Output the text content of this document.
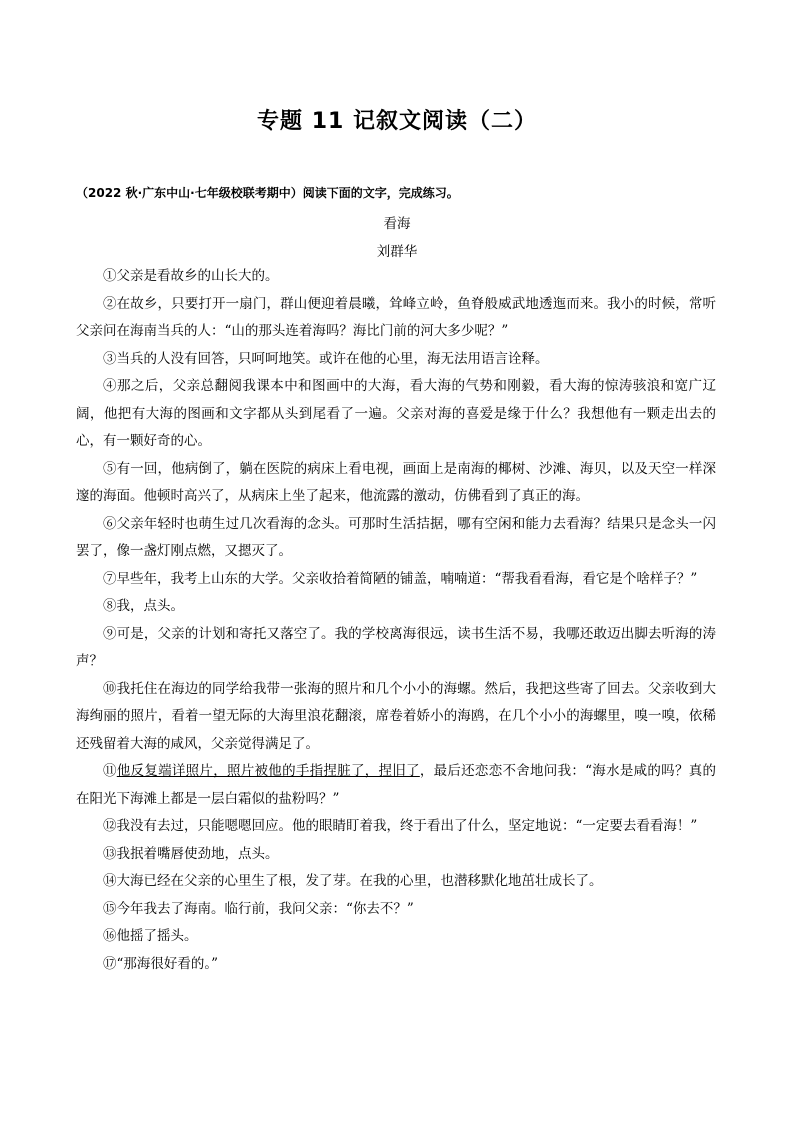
专题 11 记叙文阅读（二）
（2022 秋·广东中山·七年级校联考期中）阅读下面的文字，完成练习。
看海
刘群华

①父亲是看故乡的山长大的。

②在故乡，只要打开一扇门，群山便迎着晨曦，耸峰立岭，鱼脊般威武地透迤而来。我小的时候，常听父亲问在海南当兵的人：“山的那头连着海吗？海比门前的河大多少呢？”

③当兵的人没有回答，只呵呵地笑。或许在他的心里，海无法用语言诠释。

④那之后，父亲总翻阅我课本中和图画中的大海，看大海的气势和刚毅，看大海的惊涛骇浪和宽广辽阔，他把有大海的图画和文字都从头到尾看了一遍。父亲对海的喜爱是缘于什么？我想他有一颗走出去的心，有一颗好奇的心。

⑤有一回，他病倒了，躺在医院的病床上看电视，画面上是南海的椰树、沙滩、海贝，以及天空一样深邃的海面。他顿时高兴了，从病床上坐了起来，他流露的激动，仿佛看到了真正的海。

⑥父亲年轻时也萌生过几次看海的念头。可那时生活拮据，哪有空闲和能力去看海？结果只是念头一闪罢了，像一盏灯刚点燃，又摁灭了。

⑦早些年，我考上山东的大学。父亲收拾着简陋的铺盖，喃喃道：“帮我看看海，看它是个啥样子？”

⑧我，点头。

⑨可是，父亲的计划和寄托又落空了。我的学校离海很远，读书生活不易，我哪还敢迈出脚去听海的涛声？

⑩我托住在海边的同学给我带一张海的照片和几个小小的海螺。然后，我把这些寄了回去。父亲收到大海绚丽的照片，看着一望无际的大海里浪花翻滚，席卷着娇小的海鸥，在几个小小的海螺里，嗅一嗅，依稀还残留着大海的咸风，父亲觉得满足了。

⑪他反复端详照片，照片被他的手指捏脏了，捏旧了，最后还恋恋不舍地问我：“海水是咸的吗？真的在阳光下海滩上都是一层白霜似的盐粉吗？”

⑫我没有去过，只能嗯嗯回应。他的眼睛盯着我，终于看出了什么，坚定地说：“一定要去看看海！”

⑬我抿着嘴唇使劲地，点头。

⑭大海已经在父亲的心里生了根，发了芽。在我的心里，也潜移默化地茁壮成长了。

⑮今年我去了海南。临行前，我问父亲：“你去不？”

⑯他摇了摇头。

⑰“那海很好看的。”
